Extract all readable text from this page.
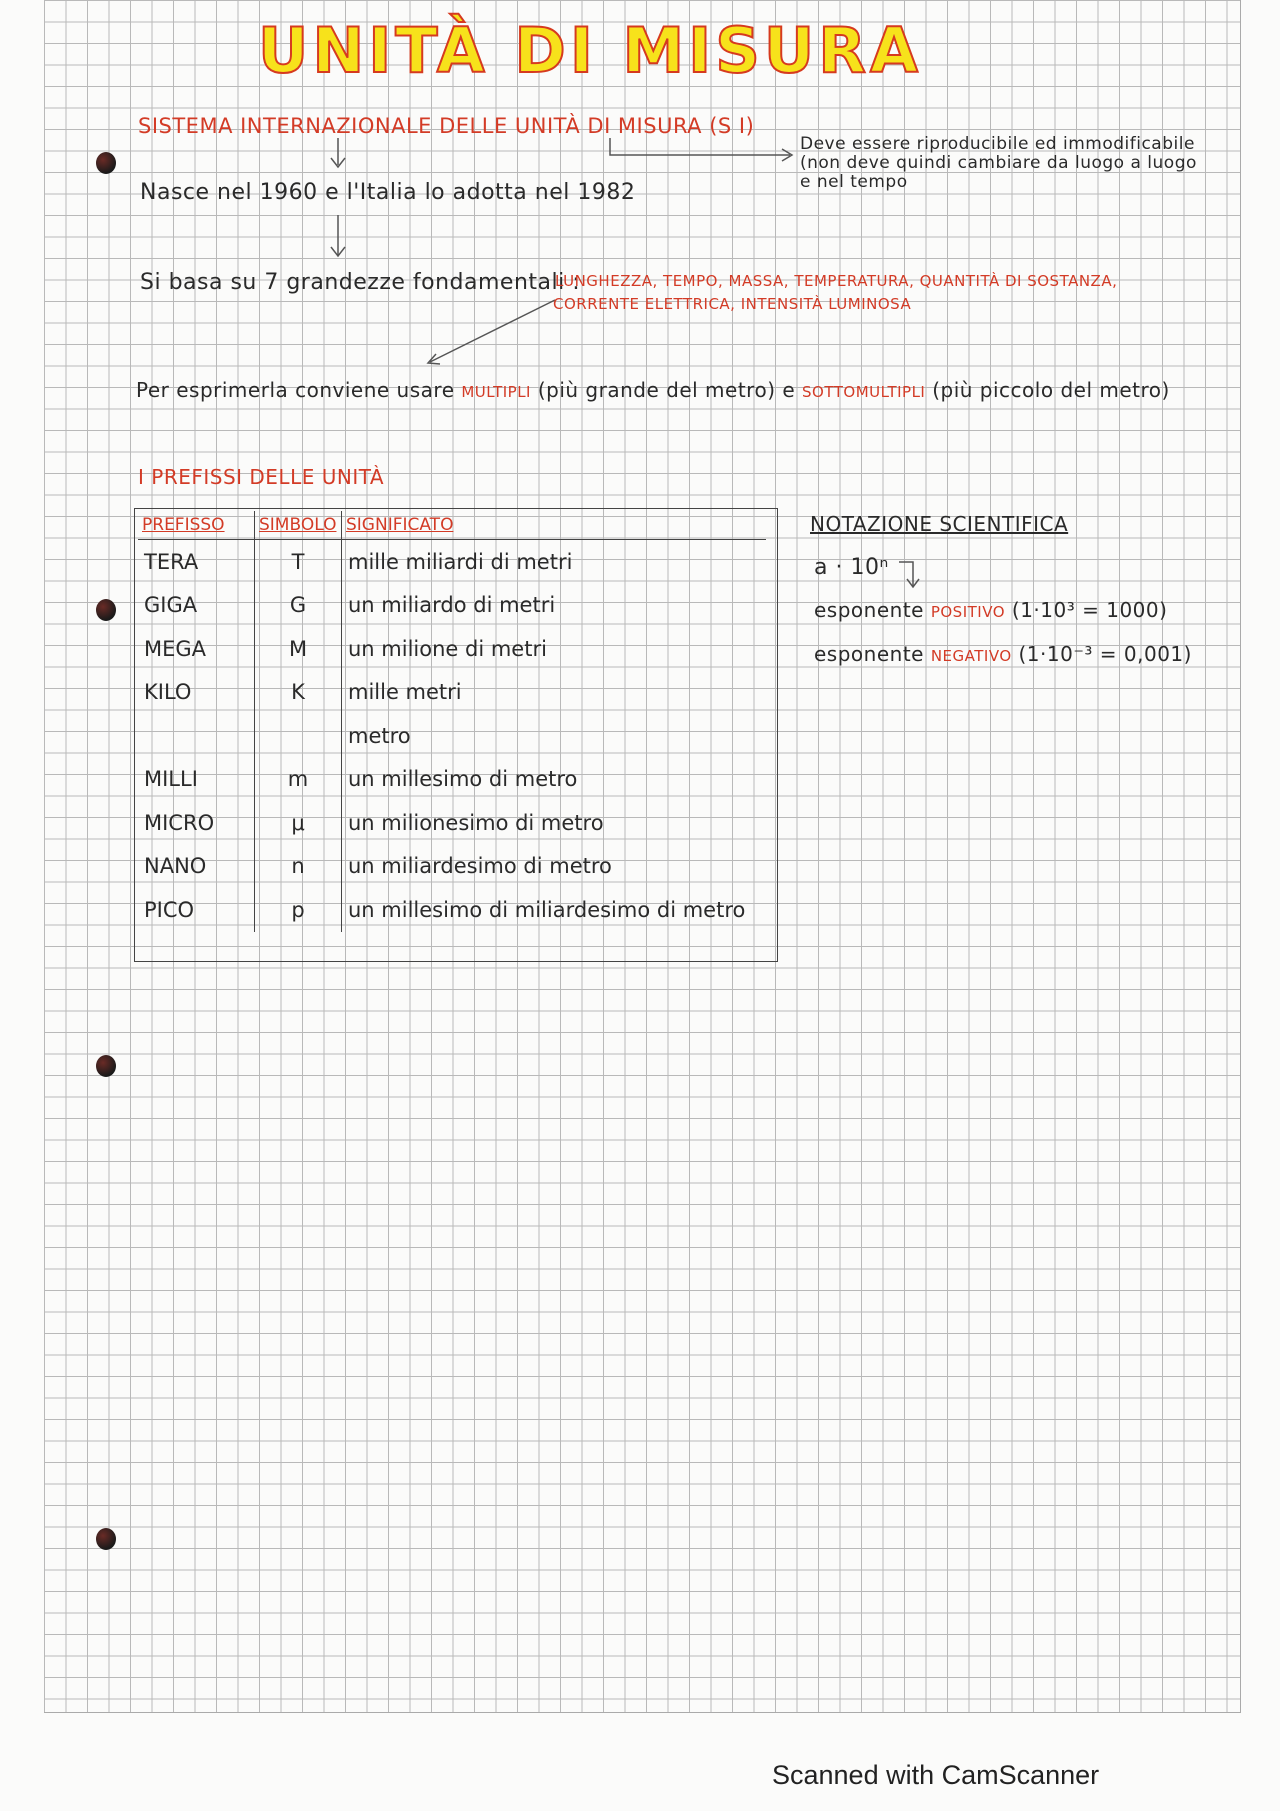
UNITÀ DI MISURA
SISTEMA INTERNAZIONALE DELLE UNITÀ DI MISURA (S I)
Deve essere riproducibile ed immodificabile (non deve quindi cambiare da luogo a luogo e nel tempo
Nasce nel 1960 e l'Italia lo adotta nel 1982
Si basa su 7 grandezze fondamentali :
LUNGHEZZA, TEMPO, MASSA, TEMPERATURA, QUANTITÀ DI SOSTANZA,
CORRENTE ELETTRICA, INTENSITÀ LUMINOSA
Per esprimerla conviene usare MULTIPLI (più grande del metro) e SOTTOMULTIPLI (più piccolo del metro)
I PREFISSI DELLE UNITÀ
PREFISSO	SIMBOLO	SIGNIFICATO
TERA	T	mille miliardi di metri
GIGA	G	un miliardo di metri
MEGA	M	un milione di metri
KILO	K	mille metri
		metro
MILLI	m	un millesimo di metro
MICRO	μ	un milionesimo di metro
NANO	n	un miliardesimo di metro
PICO	p	un millesimo di miliardesimo di metro
NOTAZIONE SCIENTIFICA
a · 10ⁿ
esponente POSITIVO (1·10³ = 1000)
esponente NEGATIVO (1·10⁻³ = 0,001)
Scanned with CamScanner
